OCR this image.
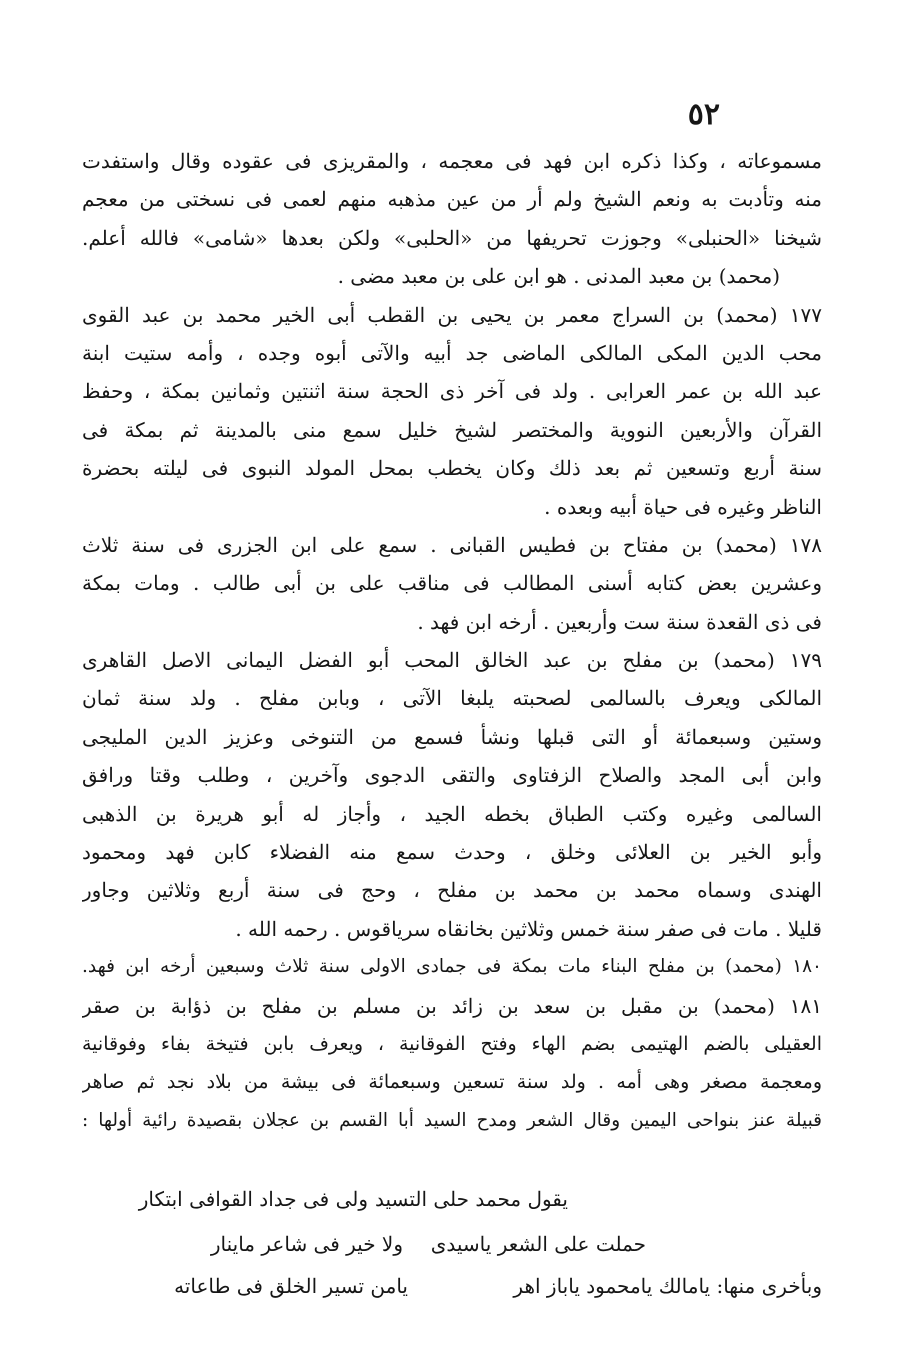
٥٢
مسموعاته ، وكذا ذكره ابن فهد فى معجمه ، والمقريزى فى عقوده وقال واستفدت
منه وتأدبت به ونعم الشيخ ولم أر من عين مذهبه منهم لعمى فى نسختى من معجم
شيخنا «الحنبلى» وجوزت تحريفها من «الحلبى» ولكن بعدها «شامى» فالله أعلم.
(محمد) بن معبد المدنى . هو ابن على بن معبد مضى .
١٧٧ (محمد) بن السراج معمر بن يحيى بن القطب أبى الخير محمد بن عبد القوى
محب الدين المكى المالكى الماضى جد أبيه والآتى أبوه وجده ، وأمه ستيت ابنة
عبد الله بن عمر العرابى . ولد فى آخر ذى الحجة سنة اثنتين وثمانين بمكة ، وحفظ
القرآن والأربعين النووية والمختصر لشيخ خليل سمع منى بالمدينة ثم بمكة فى
سنة أربع وتسعين ثم بعد ذلك وكان يخطب بمحل المولد النبوى فى ليلته بحضرة
الناظر وغيره فى حياة أبيه وبعده .
١٧٨ (محمد) بن مفتاح بن فطيس القبانى . سمع على ابن الجزرى فى سنة ثلاث
وعشرين بعض كتابه أسنى المطالب فى مناقب على بن أبى طالب . ومات بمكة
فى ذى القعدة سنة ست وأربعين . أرخه ابن فهد .
١٧٩ (محمد) بن مفلح بن عبد الخالق المحب أبو الفضل اليمانى الاصل القاهرى
المالكى ويعرف بالسالمى لصحبته يلبغا الآتى ، وبابن مفلح . ولد سنة ثمان
وستين وسبعمائة أو التى قبلها ونشأ فسمع من التنوخى وعزيز الدين المليجى
وابن أبى المجد والصلاح الزفتاوى والتقى الدجوى وآخرين ، وطلب وقتا ورافق
السالمى وغيره وكتب الطباق بخطه الجيد ، وأجاز له أبو هريرة بن الذهبى
وأبو الخير بن العلائى وخلق ، وحدث سمع منه الفضلاء كابن فهد ومحمود
الهندى وسماه محمد بن محمد بن مفلح ، وحج فى سنة أربع وثلاثين وجاور
قليلا . مات فى صفر سنة خمس وثلاثين بخانقاه سرياقوس . رحمه الله .
١٨٠ (محمد) بن مفلح البناء مات بمكة فى جمادى الاولى سنة ثلاث وسبعين أرخه ابن فهد.
١٨١ (محمد) بن مقبل بن سعد بن زائد بن مسلم بن مفلح بن ذؤابة بن صقر
العقيلى بالضم الهتيمى بضم الهاء وفتح الفوقانية ، ويعرف بابن فتيخة بفاء وفوقانية
ومعجمة مصغر وهى أمه . ولد سنة تسعين وسبعمائة فى بيشة من بلاد نجد ثم صاهر
قبيلة عنز بنواحى اليمين وقال الشعر ومدح السيد أبا القسم بن عجلان بقصيدة رائية أولها :
يقول محمد حلى التسيد
ولى فى جداد القوافى ابتكار
حملت على الشعر ياسيدى
ولا خير فى شاعر ماينار
وبأخرى منها: يامالك يامحمود ياباز اهر
يامن تسير الخلق فى طاعاته
